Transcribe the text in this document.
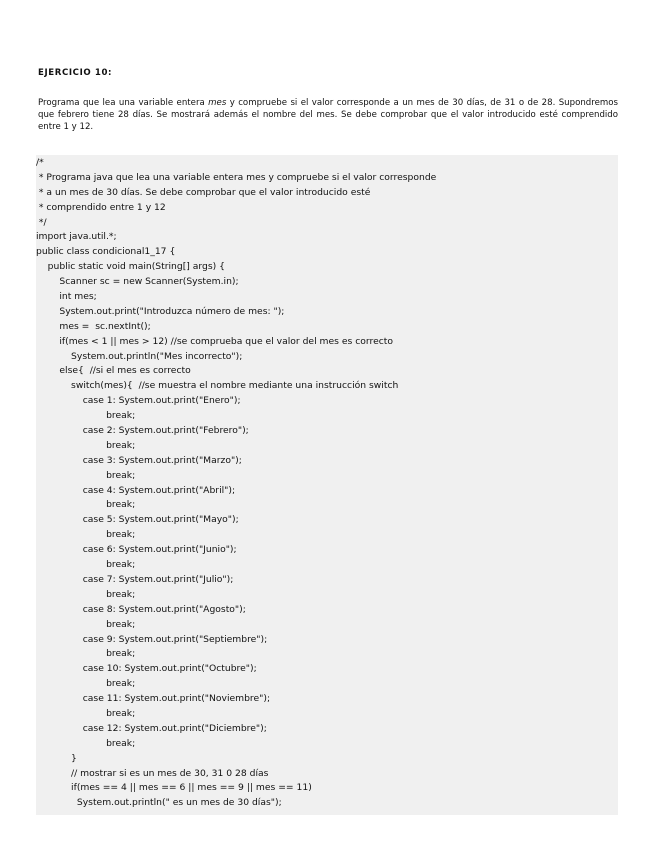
EJERCICIO 10:

Programa que lea una variable entera mes y compruebe si el valor corresponde a un mes de 30 días, de 31 o de 28. Supondremos que febrero tiene 28 días. Se mostrará además el nombre del mes. Se debe comprobar que el valor introducido esté comprendido entre 1 y 12.

/*
* Programa java que lea una variable entera mes y compruebe si el valor corresponde
* a un mes de 30 días. Se debe comprobar que el valor introducido esté
* comprendido entre 1 y 12
*/
import java.util.*;
public class condicional1_17 {
public static void main(String[] args) {
Scanner sc = new Scanner(System.in);
int mes;
System.out.print("Introduzca número de mes: ");
mes =  sc.nextInt();
if(mes < 1 || mes > 12) //se comprueba que el valor del mes es correcto
System.out.println("Mes incorrecto");
else{  //si el mes es correcto
switch(mes){  //se muestra el nombre mediante una instrucción switch
case 1: System.out.print("Enero");
break;
case 2: System.out.print("Febrero");
break;
case 3: System.out.print("Marzo");
break;
case 4: System.out.print("Abril");
break;
case 5: System.out.print("Mayo");
break;
case 6: System.out.print("Junio");
break;
case 7: System.out.print("Julio");
break;
case 8: System.out.print("Agosto");
break;
case 9: System.out.print("Septiembre");
break;
case 10: System.out.print("Octubre");
break;
case 11: System.out.print("Noviembre");
break;
case 12: System.out.print("Diciembre");
break;
}
// mostrar si es un mes de 30, 31 0 28 días
if(mes == 4 || mes == 6 || mes == 9 || mes == 11)
System.out.println(" es un mes de 30 días");
